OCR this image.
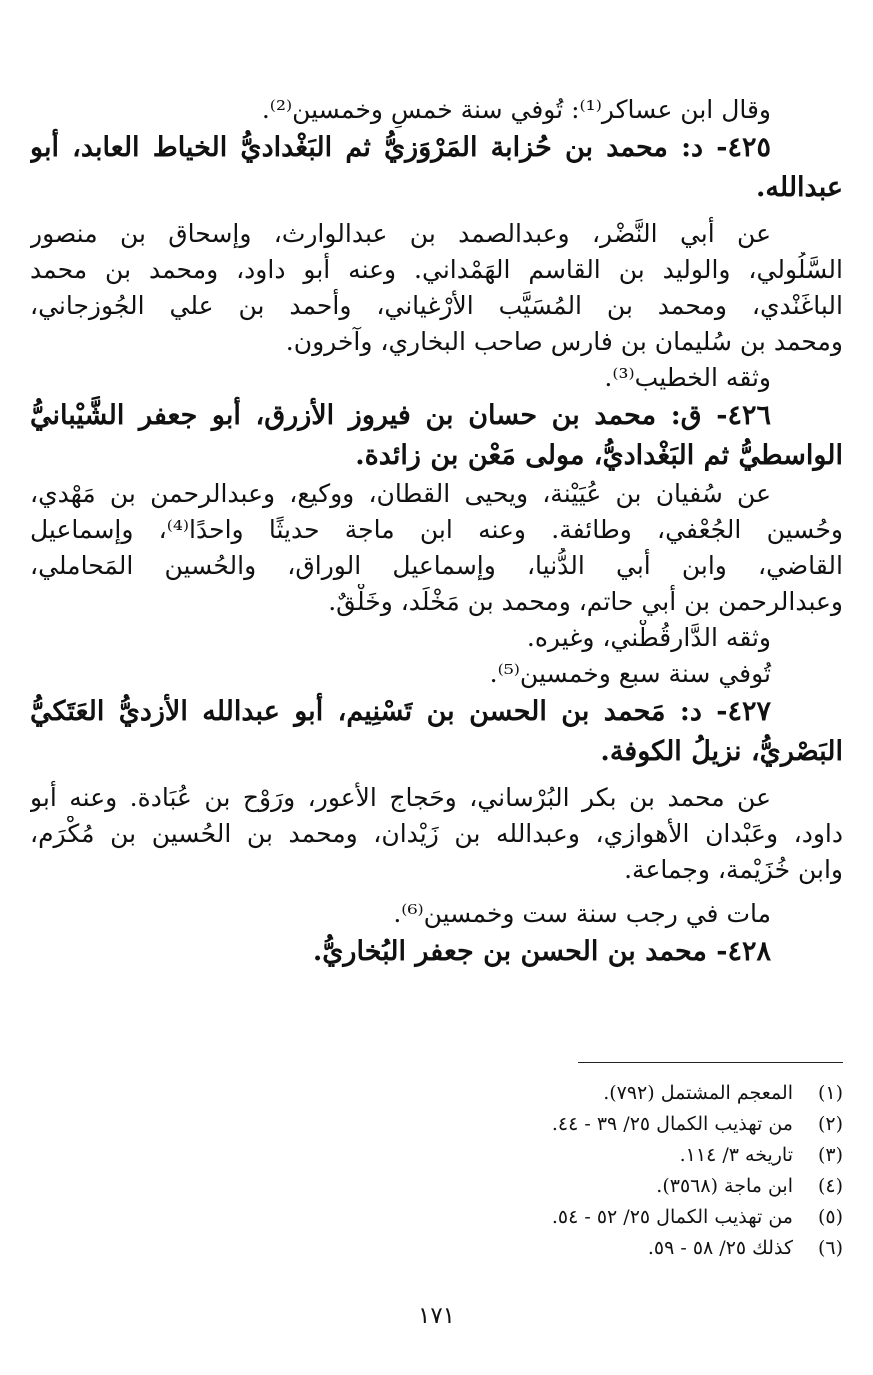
وقال ابن عساكر⁽¹⁾: تُوفي سنة خمسٍ وخمسين⁽²⁾.
٤٢٥- د: محمد بن حُزابة المَرْوَزيُّ ثم البَغْداديُّ الخياط العابد، أبو
عبدالله.
عن أبي النَّضْر، وعبدالصمد بن عبدالوارث، وإسحاق بن منصور
السَّلُولي، والوليد بن القاسم الهَمْداني. وعنه أبو داود، ومحمد بن محمد
الباغَنْدي، ومحمد بن المُسَيَّب الأرْغياني، وأحمد بن علي الجُوزجاني،
ومحمد بن سُليمان بن فارس صاحب البخاري، وآخرون.
وثقه الخطيب⁽³⁾.
٤٢٦- ق: محمد بن حسان بن فيروز الأزرق، أبو جعفر الشَّيْبانيُّ
الواسطيُّ ثم البَغْداديُّ، مولى مَعْن بن زائدة.
عن سُفيان بن عُيَيْنة، ويحيى القطان، ووكيع، وعبدالرحمن بن مَهْدي،
وحُسين الجُعْفي، وطائفة. وعنه ابن ماجة حديثًا واحدًا⁽⁴⁾، وإسماعيل
القاضي، وابن أبي الدُّنيا، وإسماعيل الوراق، والحُسين المَحاملي،
وعبدالرحمن بن أبي حاتم، ومحمد بن مَخْلَد، وخَلْقٌ.
وثقه الدَّارقُطْني، وغيره.
تُوفي سنة سبع وخمسين⁽⁵⁾.
٤٢٧- د: مَحمد بن الحسن بن تَسْنِيم، أبو عبدالله الأزديُّ العَتَكيُّ
البَصْريُّ، نزيلُ الكوفة.
عن محمد بن بكر البُرْساني، وحَجاج الأعور، ورَوْح بن عُبَادة. وعنه أبو
داود، وعَبْدان الأهوازي، وعبدالله بن زَيْدان، ومحمد بن الحُسين بن مُكْرَم،
وابن خُزَيْمة، وجماعة.
مات في رجب سنة ست وخمسين⁽⁶⁾.
٤٢٨- محمد بن الحسن بن جعفر البُخاريُّ.
(١)المعجم المشتمل (٧٩٢).
(٢)من تهذيب الكمال ٢٥/ ٣٩ - ٤٤.
(٣)تاريخه ٣/ ١١٤.
(٤)ابن ماجة (٣٥٦٨).
(٥)من تهذيب الكمال ٢٥/ ٥٢ - ٥٤.
(٦)كذلك ٢٥/ ٥٨ - ٥٩.
١٧١
